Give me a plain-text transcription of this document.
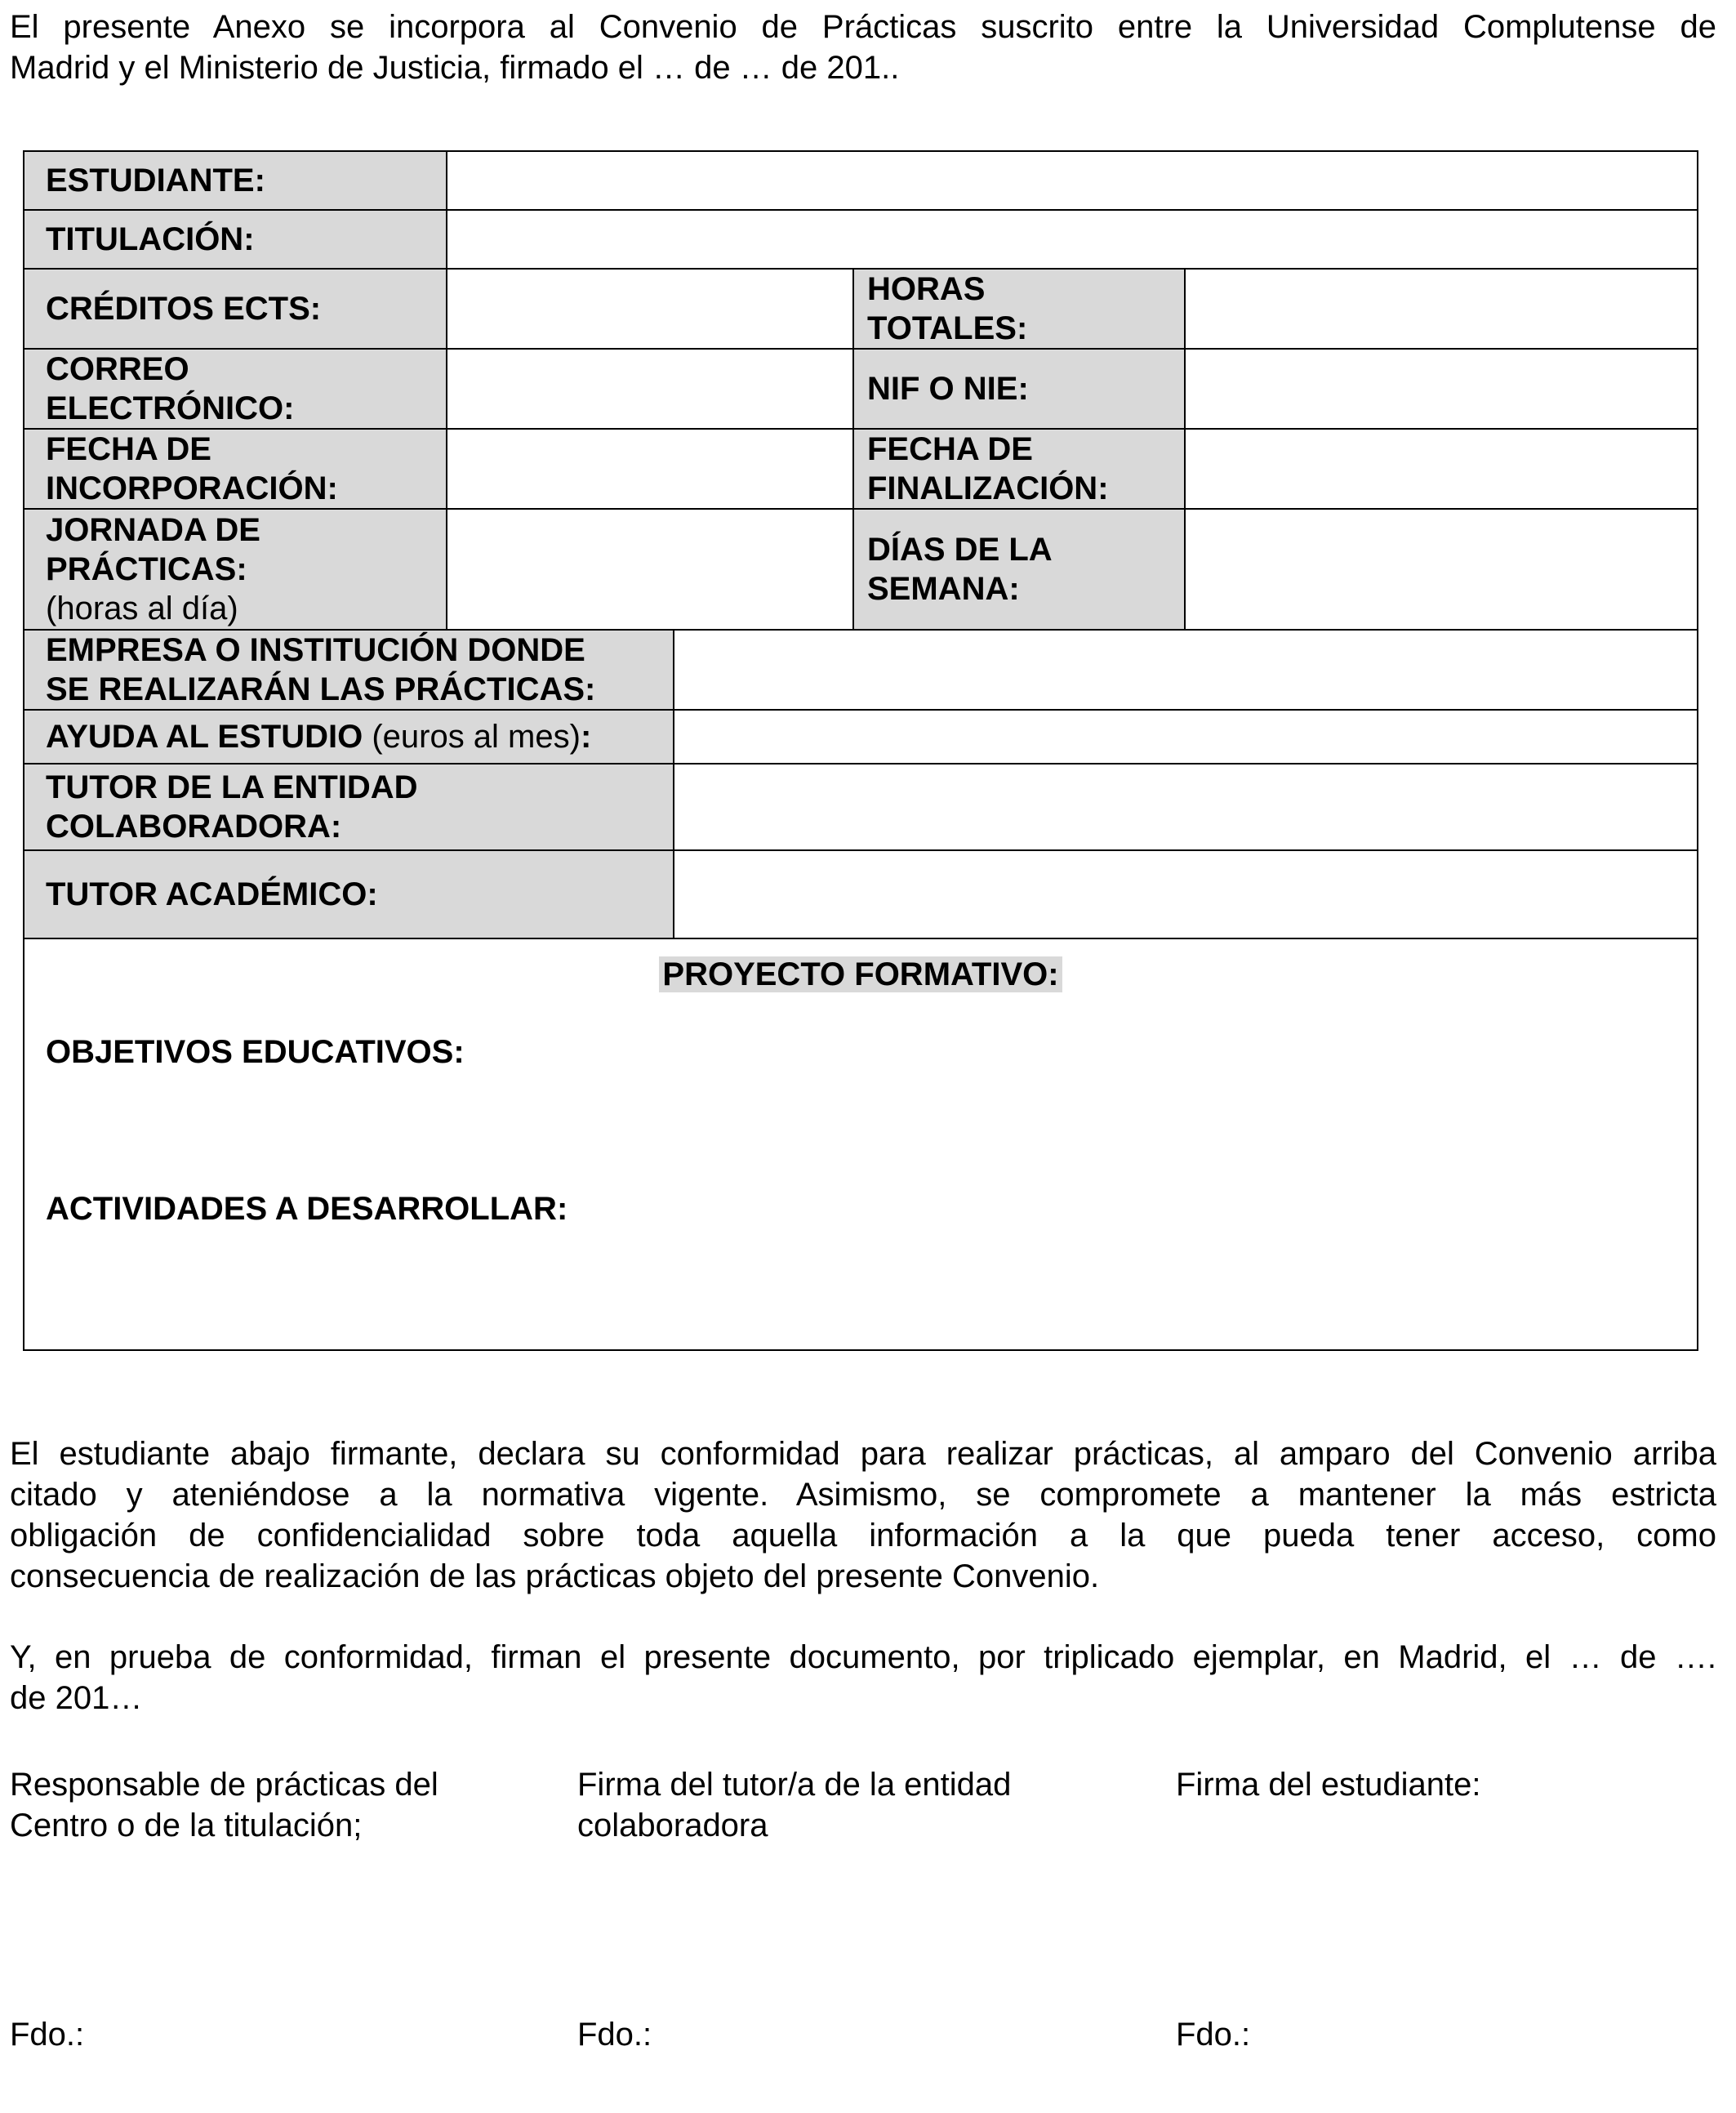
El presente Anexo se incorpora al Convenio de Prácticas suscrito entre la Universidad Complutense de
Madrid y el Ministerio de Justicia, firmado el … de … de 201..
ESTUDIANTE:
TITULACIÓN:
CRÉDITOS ECTS:
HORAS
TOTALES:
CORREO
ELECTRÓNICO:
NIF O NIE:
FECHA DE
INCORPORACIÓN:
FECHA DE
FINALIZACIÓN:
JORNADA DE
PRÁCTICAS:
(horas al día)
DÍAS DE LA
SEMANA:
EMPRESA O INSTITUCIÓN DONDE
SE REALIZARÁN LAS PRÁCTICAS:
AYUDA AL ESTUDIO (euros al mes):
TUTOR DE LA ENTIDAD
COLABORADORA:
TUTOR ACADÉMICO:
PROYECTO FORMATIVO:
OBJETIVOS EDUCATIVOS:
ACTIVIDADES A DESARROLLAR:
El estudiante abajo firmante, declara su conformidad para realizar prácticas, al amparo del Convenio arriba
citado y ateniéndose a la normativa vigente. Asimismo, se compromete a mantener la más estricta
obligación de confidencialidad sobre toda aquella información a la que pueda tener acceso, como
consecuencia de realización de las prácticas objeto del presente Convenio.
Y, en prueba de conformidad, firman el presente documento, por triplicado ejemplar, en Madrid, el … de ….
de 201…
Responsable de prácticas del
Centro o de la titulación;
Firma del tutor/a de la entidad
colaboradora
Firma del estudiante:
Fdo.:	Fdo.:	Fdo.:
